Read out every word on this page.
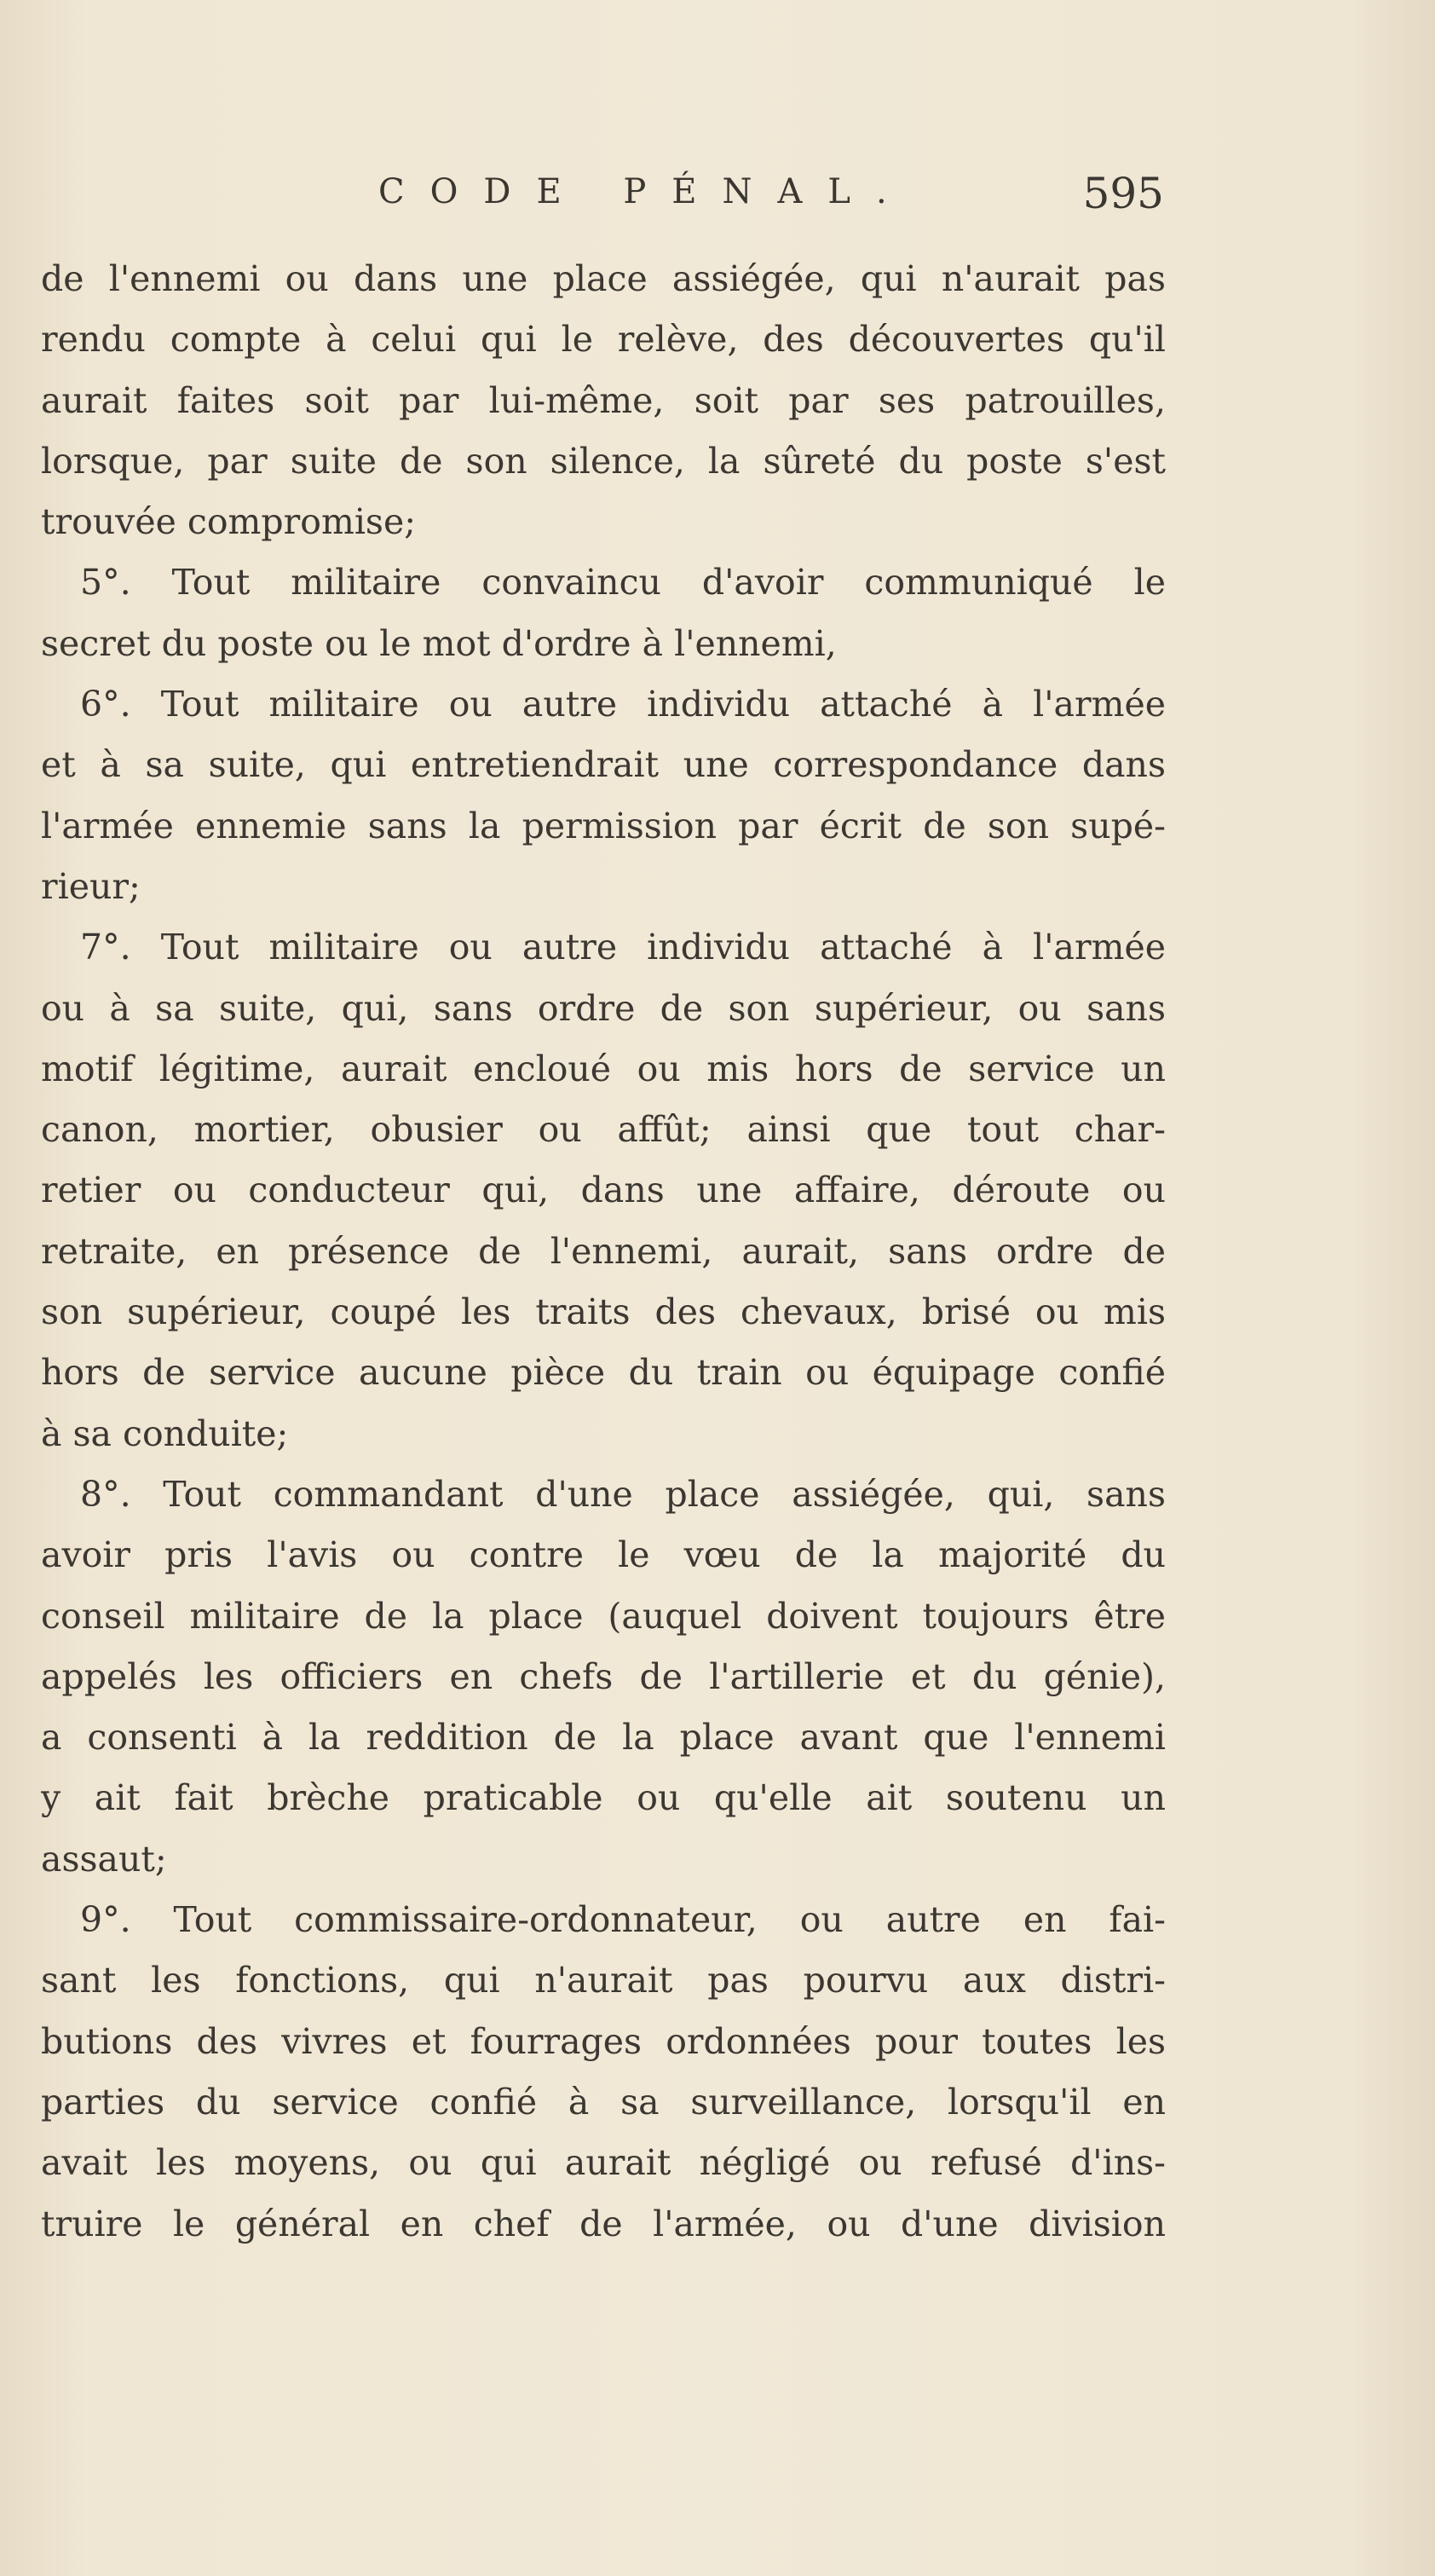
CODE PÉNAL.	595
de l'ennemi ou dans une place assiégée, qui n'aurait pas
rendu compte à celui qui le relève, des découvertes qu'il
aurait faites soit par lui-même, soit par ses patrouilles,
lorsque, par suite de son silence, la sûreté du poste s'est
trouvée compromise;
5°. Tout militaire convaincu d'avoir communiqué le
secret du poste ou le mot d'ordre à l'ennemi,
6°. Tout militaire ou autre individu attaché à l'armée
et à sa suite, qui entretiendrait une correspondance dans
l'armée ennemie sans la permission par écrit de son supé-
rieur;
7°. Tout militaire ou autre individu attaché à l'armée
ou à sa suite, qui, sans ordre de son supérieur, ou sans
motif légitime, aurait encloué ou mis hors de service un
canon, mortier, obusier ou affût; ainsi que tout char-
retier ou conducteur qui, dans une affaire, déroute ou
retraite, en présence de l'ennemi, aurait, sans ordre de
son supérieur, coupé les traits des chevaux, brisé ou mis
hors de service aucune pièce du train ou équipage confié
à sa conduite;
8°. Tout commandant d'une place assiégée, qui, sans
avoir pris l'avis ou contre le vœu de la majorité du
conseil militaire de la place (auquel doivent toujours être
appelés les officiers en chefs de l'artillerie et du génie),
a consenti à la reddition de la place avant que l'ennemi
y ait fait brèche praticable ou qu'elle ait soutenu un
assaut;
9°. Tout commissaire-ordonnateur, ou autre en fai-
sant les fonctions, qui n'aurait pas pourvu aux distri-
butions des vivres et fourrages ordonnées pour toutes les
parties du service confié à sa surveillance, lorsqu'il en
avait les moyens, ou qui aurait négligé ou refusé d'ins-
truire le général en chef de l'armée, ou d'une division
